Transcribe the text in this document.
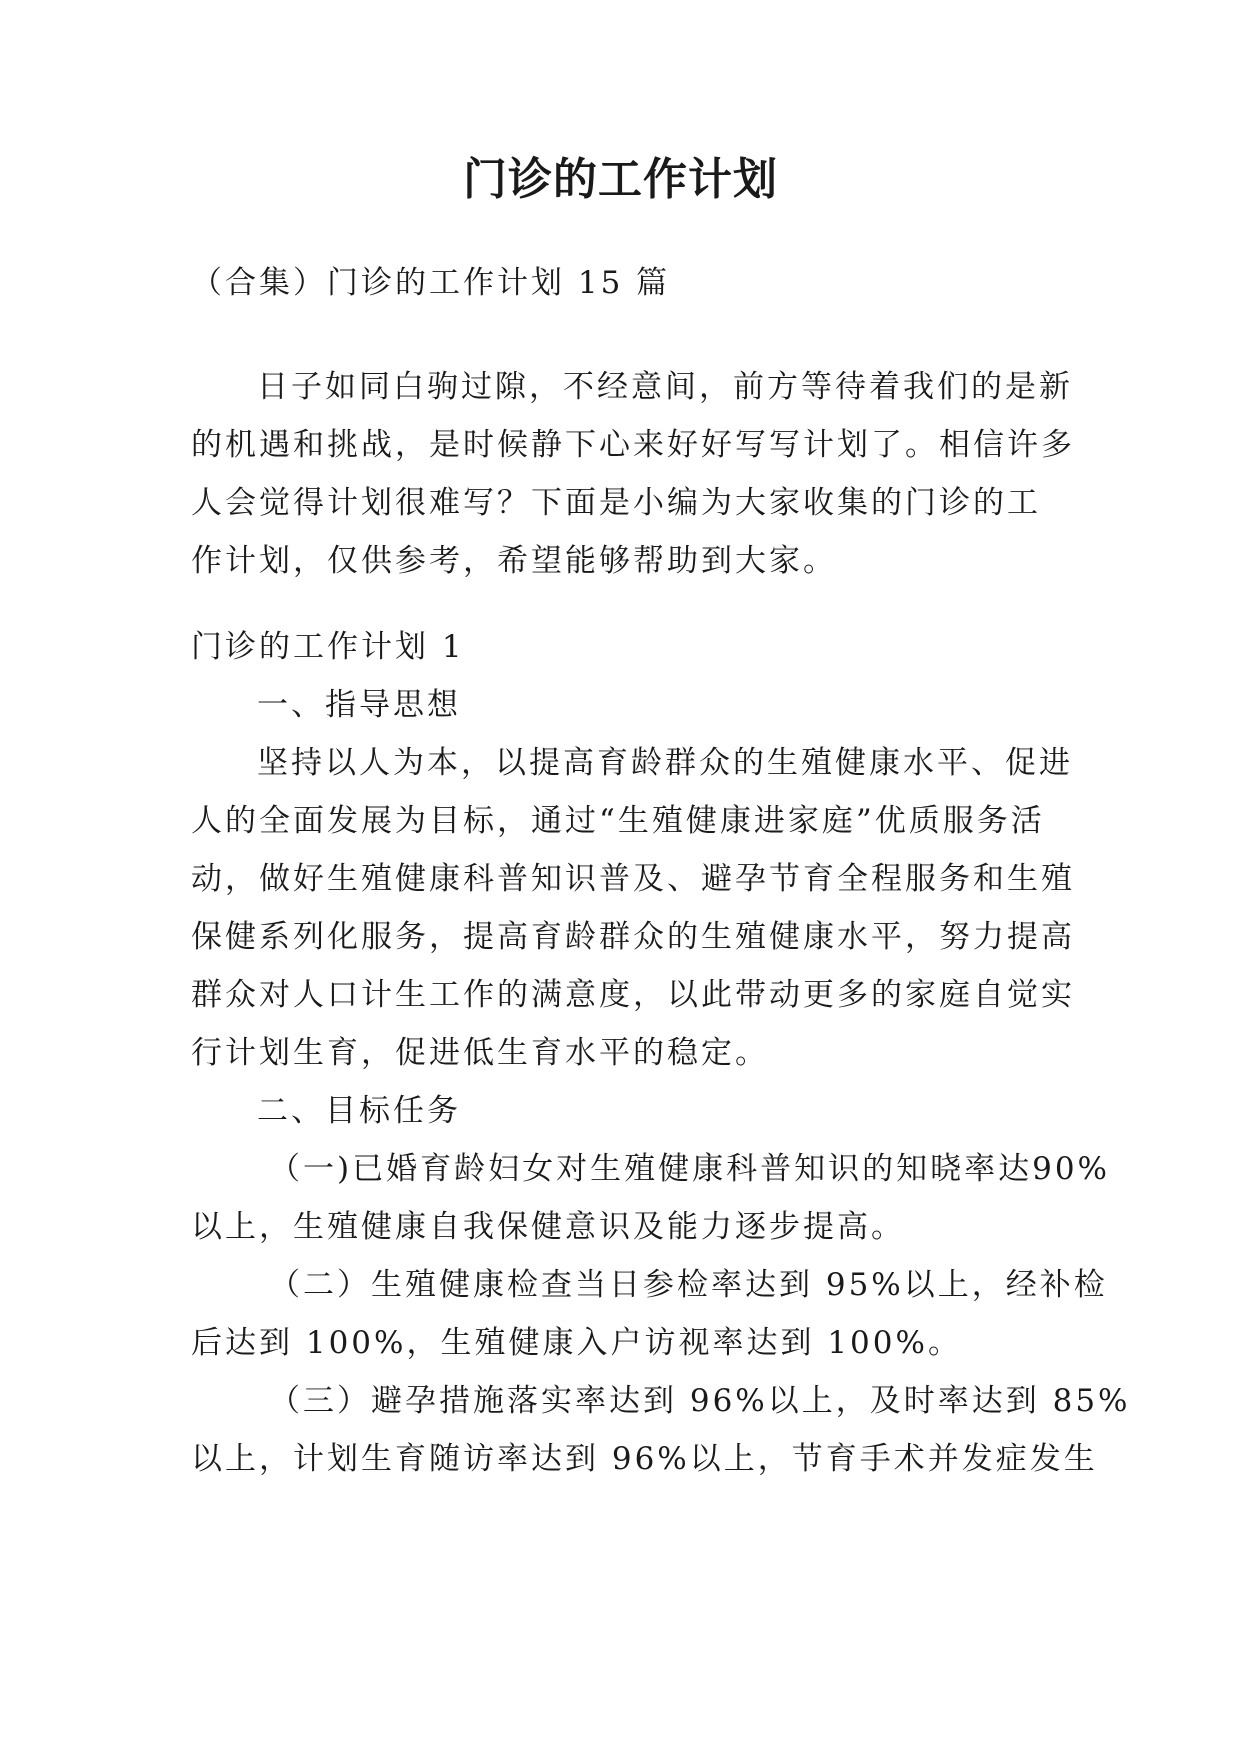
门诊的工作计划
（合集）门诊的工作计划 15 篇
日子如同白驹过隙，不经意间，前方等待着我们的是新
的机遇和挑战，是时候静下心来好好写写计划了。相信许多
人会觉得计划很难写？下面是小编为大家收集的门诊的工
作计划，仅供参考，希望能够帮助到大家。
门诊的工作计划 1
一、指导思想
坚持以人为本，以提高育龄群众的生殖健康水平、促进
人的全面发展为目标，通过“生殖健康进家庭”优质服务活
动，做好生殖健康科普知识普及、避孕节育全程服务和生殖
保健系列化服务，提高育龄群众的生殖健康水平，努力提高
群众对人口计生工作的满意度，以此带动更多的家庭自觉实
行计划生育，促进低生育水平的稳定。
二、目标任务
（一)已婚育龄妇女对生殖健康科普知识的知晓率达90%
以上，生殖健康自我保健意识及能力逐步提高。
（二）生殖健康检查当日参检率达到 95%以上，经补检
后达到 100%，生殖健康入户访视率达到 100%。
（三）避孕措施落实率达到 96%以上，及时率达到 85%
以上，计划生育随访率达到 96%以上，节育手术并发症发生
